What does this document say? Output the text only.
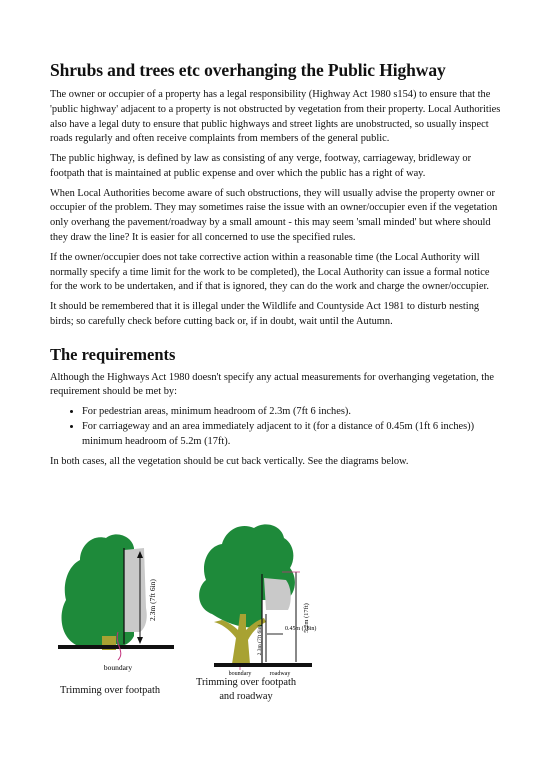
Shrubs and trees etc overhanging the Public Highway

The owner or occupier of a property has a legal responsibility (Highway Act 1980 s154) to ensure that the 'public highway' adjacent to a property is not obstructed by vegetation from their property. Local Authorities also have a legal duty to ensure that public highways and street lights are unobstructed, so usually inspect roads regularly and often receive complaints from members of the general public.

The public highway, is defined by law as consisting of any verge, footway, carriageway, bridleway or footpath that is maintained at public expense and over which the public has a right of way.

When Local Authorities become aware of such obstructions, they will usually advise the property owner or occupier of the problem. They may sometimes raise the issue with an owner/occupier even if the vegetation only overhang the pavement/roadway by a small amount - this may seem 'small minded' but where should they draw the line? It is easier for all concerned to use the specified rules.

If the owner/occupier does not take corrective action within a reasonable time (the Local Authority will normally specify a time limit for the work to be completed), the Local Authority can issue a formal notice for the work to be undertaken, and if that is ignored, they can do the work and charge the owner/occupier.

It should be remembered that it is illegal under the Wildlife and Countyside Act 1981 to disturb nesting birds; so carefully check before cutting back or, if in doubt, wait until the Autumn.

The requirements

Although the Highways Act 1980 doesn't specify any actual measurements for overhanging vegetation, the requirement should be met by:

• For pedestrian areas, minimum headroom of 2.3m (7ft 6 inches).
• For carriageway and an area immediately adjacent to it (for a distance of 0.45m (1ft 6 inches)) minimum headroom of 5.2m (17ft).

In both cases, all the vegetation should be cut back vertically. See the diagrams below.

2.3m (7ft 6in)
boundary
2.3m (7ft 6in)	0.45m (18in)
5.2m (17ft)
boundary	roadway
Trimming over footpath
Trimming over footpath
and roadway
